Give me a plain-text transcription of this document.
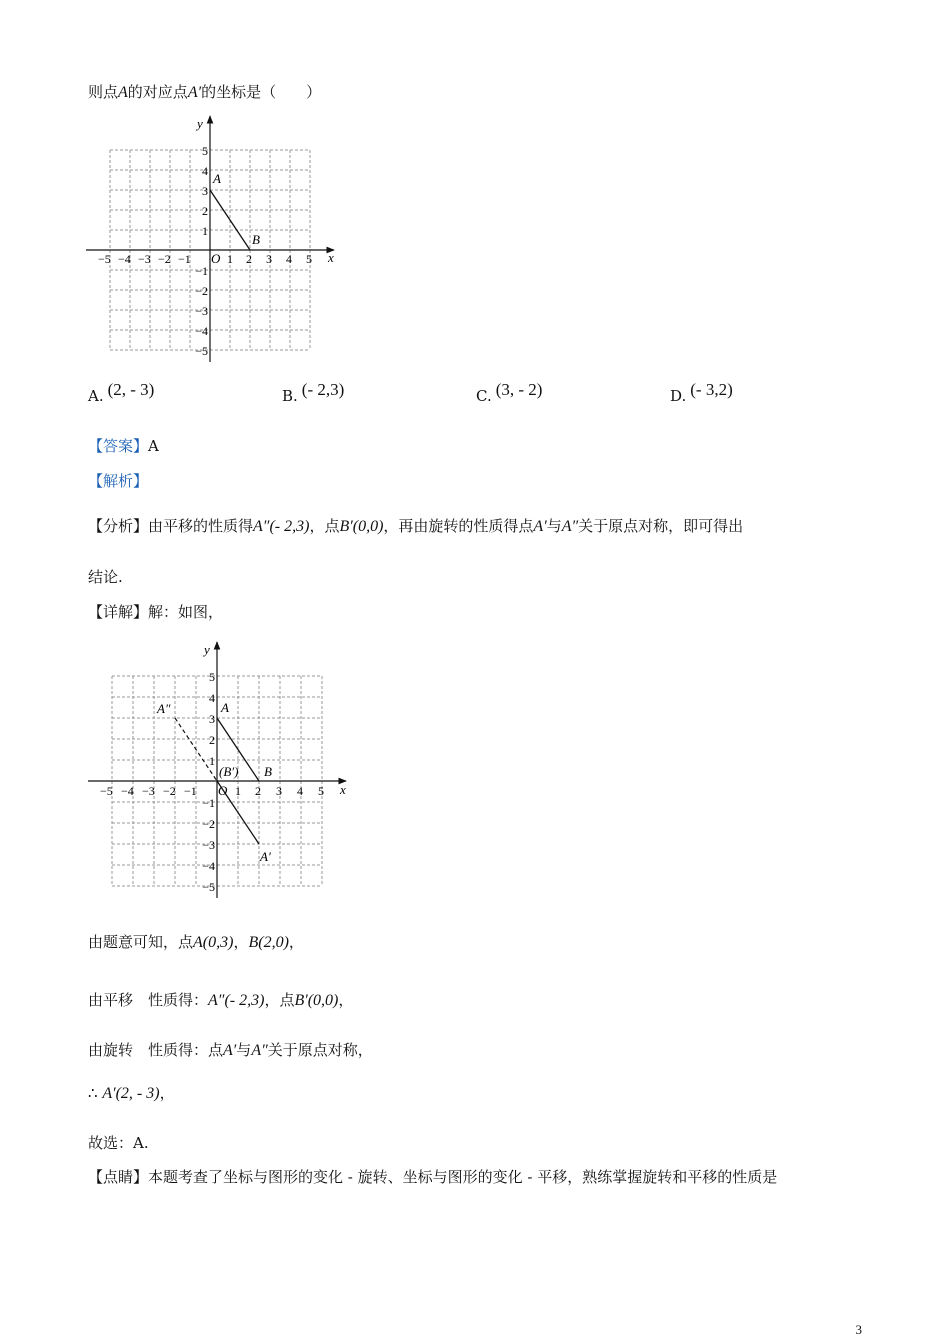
则点A的对应点A′的坐标是（　　）
x
y
O
A
B
−5 −4 −3 −2 −1	1 2 3 4 5
5
4
3
2
1
−1
−2
−3
−4
−5
A. (2, - 3)	B. (- 2,3)	C. (3, - 2)	D. (- 3,2)
【答案】A
【解析】
【分析】由平移的性质得A″(- 2,3)，点B′(0,0)，再由旋转的性质得点A′与A″关于原点对称，即可得出
结论.
【详解】解：如图，
x
y
O
A
B
A″
(B′)
A′
−5 −4 −3 −2 −1	1 2 3 4 5
5
4
3
2
1
−1
−2
−3
−4
−5
由题意可知，点A(0,3)，B(2,0)，
由平移　性质得：A″(- 2,3)，点B′(0,0)，
由旋转　性质得：点A′与A″关于原点对称，
∴ A′(2, - 3)，
故选：A.
【点睛】本题考查了坐标与图形的变化 - 旋转、坐标与图形的变化 - 平移，熟练掌握旋转和平移的性质是
3
